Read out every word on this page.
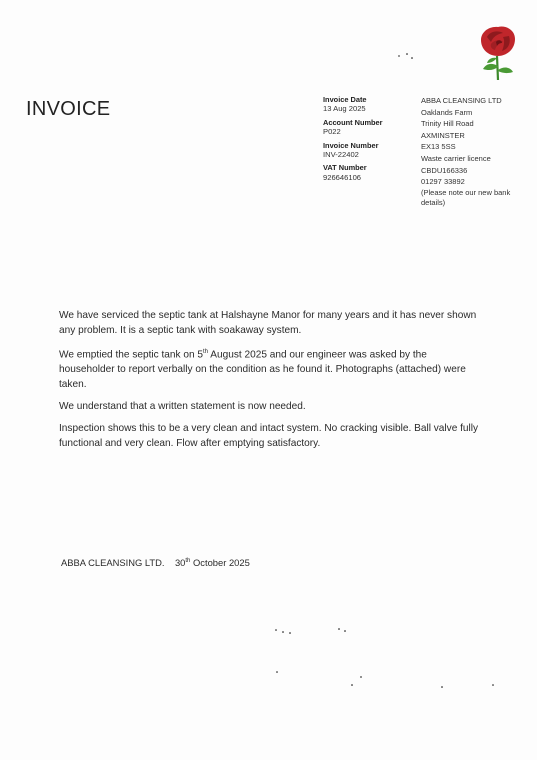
INVOICE	Invoice Date
13 Aug 2025
Account Number
P022
Invoice Number
INV-22402
VAT Number
926646106
ABBA CLEANSING LTD
Oaklands Farm
Trinity Hill Road
AXMINSTER
EX13 5SS
Waste carrier licence
CBDU166336
01297 33892
(Please note our new bank details)

We have serviced the septic tank at Halshayne Manor for many years and it has never shown any problem. It is a septic tank with soakaway system.

We emptied the septic tank on 5th August 2025 and our engineer was asked by the householder to report verbally on the condition as he found it. Photographs (attached) were taken.

We understand that a written statement is now needed.

Inspection shows this to be a very clean and intact system. No cracking visible. Ball valve fully functional and very clean. Flow after emptying satisfactory.

ABBA CLEANSING LTD. 30th October 2025
